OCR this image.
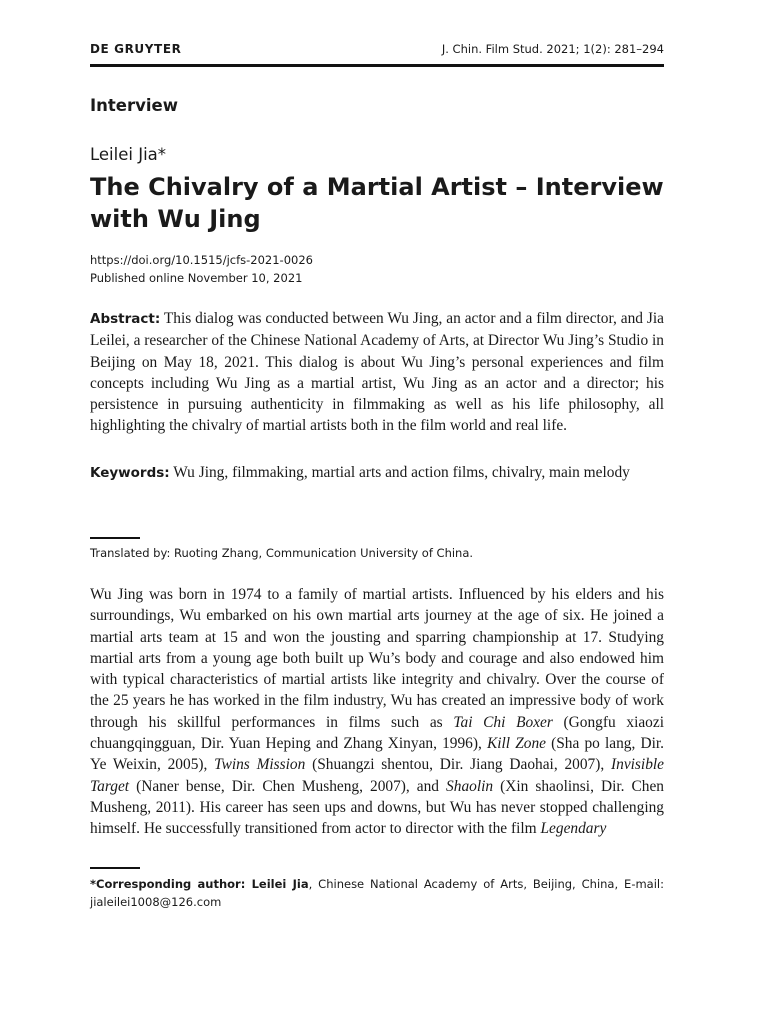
DE GRUYTER	J. Chin. Film Stud. 2021; 1(2): 281–294
Interview
Leilei Jia*
The Chivalry of a Martial Artist – Interview with Wu Jing
https://doi.org/10.1515/jcfs-2021-0026
Published online November 10, 2021

Abstract: This dialog was conducted between Wu Jing, an actor and a film director, and Jia Leilei, a researcher of the Chinese National Academy of Arts, at Director Wu Jing’s Studio in Beijing on May 18, 2021. This dialog is about Wu Jing’s personal experiences and film concepts including Wu Jing as a martial artist, Wu Jing as an actor and a director; his persistence in pursuing authenticity in filmmaking as well as his life philosophy, all highlighting the chivalry of martial artists both in the film world and real life.

Keywords: Wu Jing, filmmaking, martial arts and action films, chivalry, main melody

Translated by: Ruoting Zhang, Communication University of China.

Wu Jing was born in 1974 to a family of martial artists. Influenced by his elders and his surroundings, Wu embarked on his own martial arts journey at the age of six. He joined a martial arts team at 15 and won the jousting and sparring championship at 17. Studying martial arts from a young age both built up Wu’s body and courage and also endowed him with typical characteristics of martial artists like integrity and chivalry. Over the course of the 25 years he has worked in the film industry, Wu has created an impressive body of work through his skillful performances in films such as Tai Chi Boxer (Gongfu xiaozi chuangqingguan, Dir. Yuan Heping and Zhang Xinyan, 1996), Kill Zone (Sha po lang, Dir. Ye Weixin, 2005), Twins Mission (Shuangzi shentou, Dir. Jiang Daohai, 2007), Invisible Target (Naner bense, Dir. Chen Musheng, 2007), and Shaolin (Xin shaolinsi, Dir. Chen Musheng, 2011). His career has seen ups and downs, but Wu has never stopped challenging himself. He successfully transitioned from actor to director with the film Legendary

*Corresponding author: Leilei Jia, Chinese National Academy of Arts, Beijing, China, E-mail: jialeilei1008@126.com
